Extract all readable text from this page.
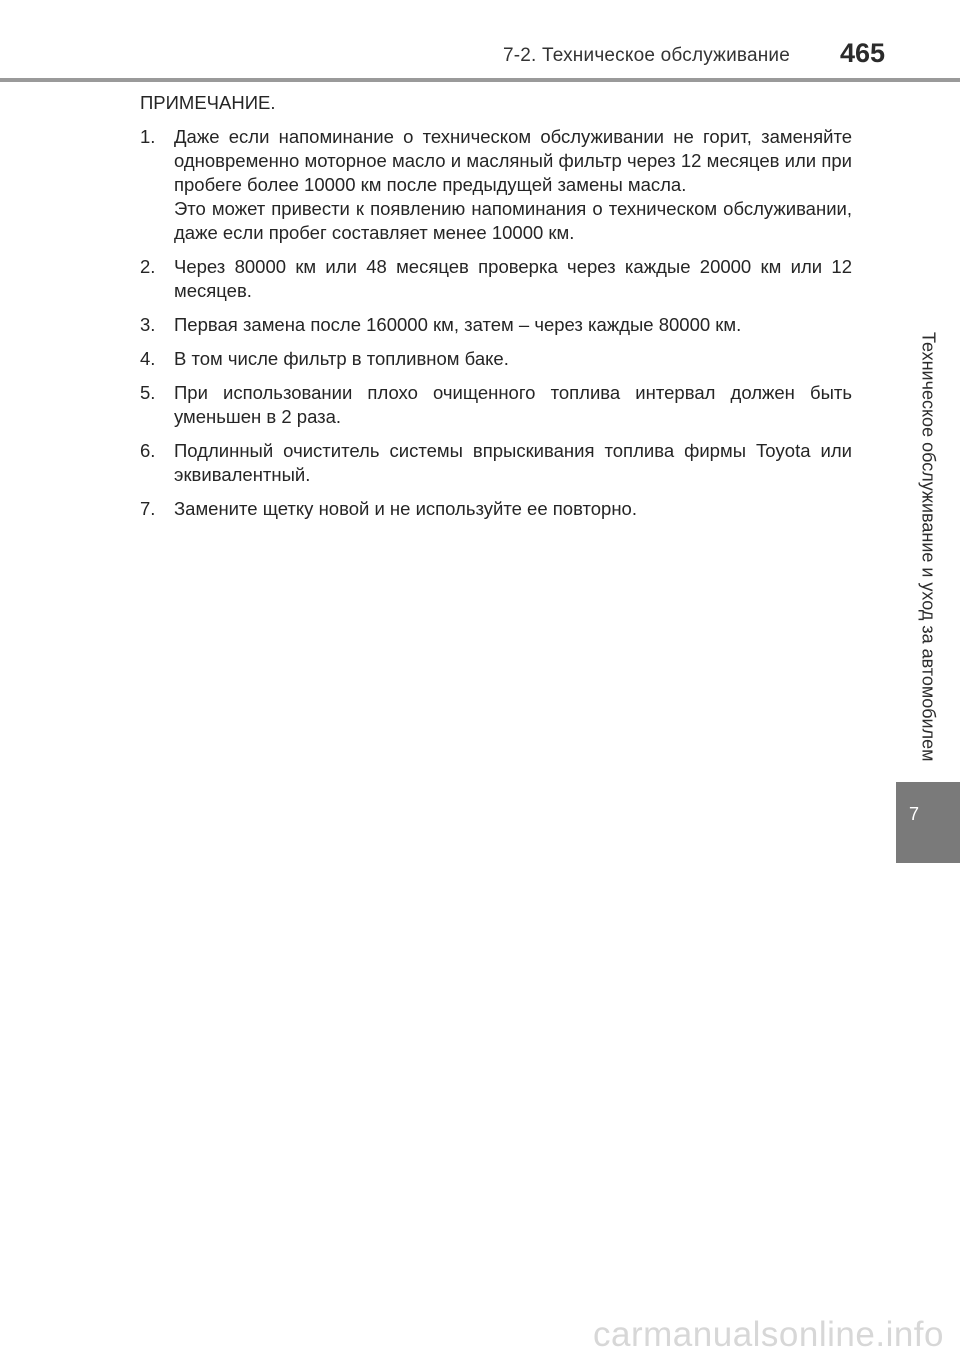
7-2. Техническое обслуживание 465
ПРИМЕЧАНИЕ.
1. Даже если напоминание о техническом обслуживании не горит, заменяйте одновременно моторное масло и масляный фильтр через 12 месяцев или при пробеге более 10000 км после предыдущей замены масла.
Это может привести к появлению напоминания о техническом обслуживании, даже если пробег составляет менее 10000 км.
2. Через 80000 км или 48 месяцев проверка через каждые 20000 км или 12 месяцев.
3. Первая замена после 160000 км, затем – через каждые 80000 км.
4. В том числе фильтр в топливном баке.
5. При использовании плохо очищенного топлива интервал должен быть уменьшен в 2 раза.
6. Подлинный очиститель системы впрыскивания топлива фирмы Toyota или эквивалентный.
7. Замените щетку новой и не используйте ее повторно.	Техническое обслуживание и уход за автомобилем
7
carmanualsonline.info
